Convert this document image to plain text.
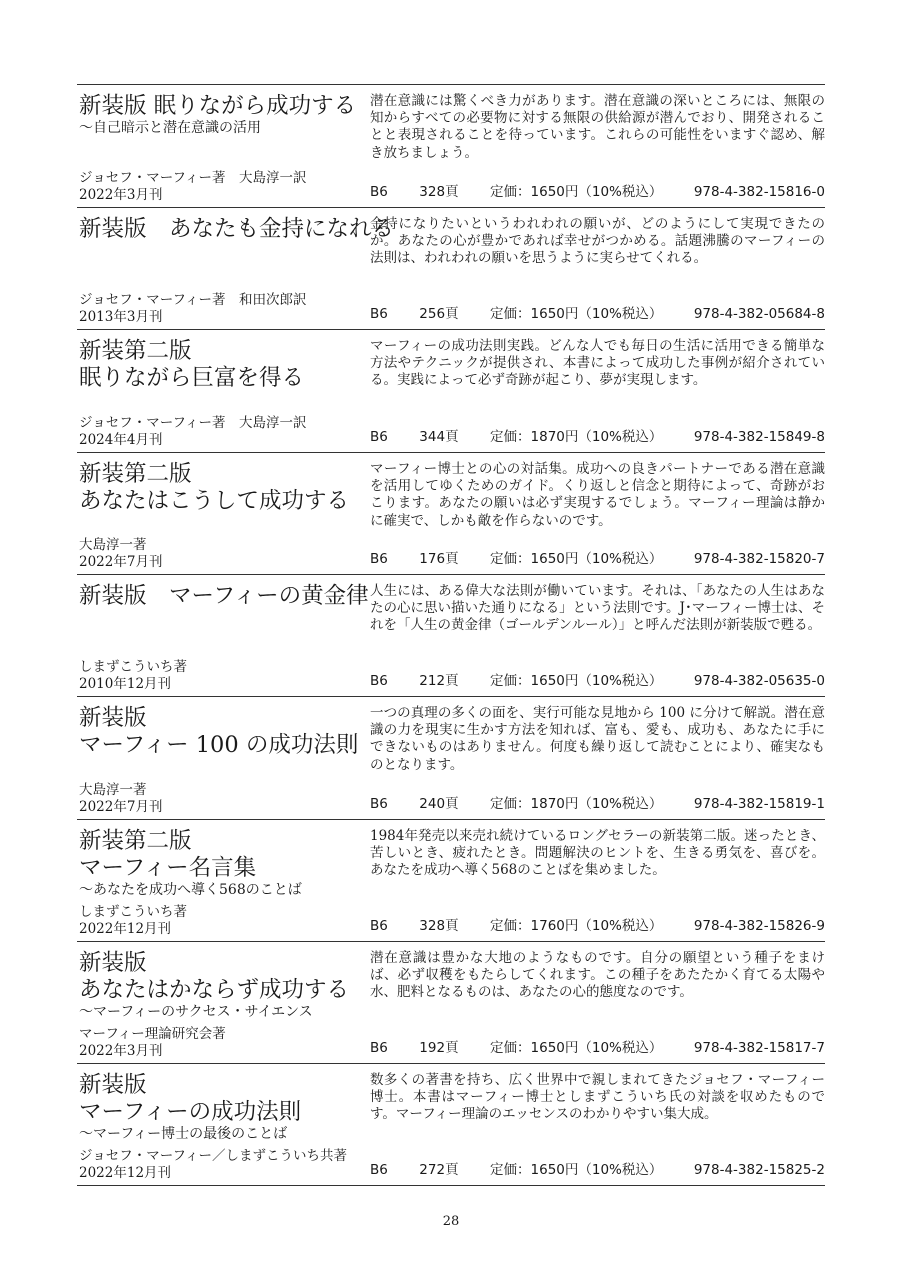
新装版 眠りながら成功する
～自己暗示と潜在意識の活用
ジョセフ・マーフィー著　大島淳一訳
2022年3月刊

潜在意識には驚くべき力があります。潜在意識の深いところには、無限の知からすべての必要物に対する無限の供給源が潜んでおり、開発されることと表現されることを待っています。これらの可能性をいますぐ認め、解き放ちましょう。

B6 328頁 定価：1650円（10%税込） 978-4-382-15816-0
新装版　あなたも金持になれる
ジョセフ・マーフィー著　和田次郎訳
2013年3月刊

金持になりたいというわれわれの願いが、どのようにして実現できたのか。あなたの心が豊かであれば幸せがつかめる。話題沸騰のマーフィーの法則は、われわれの願いを思うように実らせてくれる。

B6 256頁 定価：1650円（10%税込） 978-4-382-05684-8
新装第二版
眠りながら巨富を得る
ジョセフ・マーフィー著　大島淳一訳
2024年4月刊

マーフィーの成功法則実践。どんな人でも毎日の生活に活用できる簡単な方法やテクニックが提供され、本書によって成功した事例が紹介されている。実践によって必ず奇跡が起こり、夢が実現します。

B6 344頁 定価：1870円（10%税込） 978-4-382-15849-8
新装第二版
あなたはこうして成功する
大島淳一著
2022年7月刊

マーフィー博士との心の対話集。成功への良きパートナーである潜在意識を活用してゆくためのガイド。くり返しと信念と期待によって、奇跡がおこります。あなたの願いは必ず実現するでしょう。マーフィー理論は静かに確実で、しかも敵を作らないのです。

B6 176頁 定価：1650円（10%税込） 978-4-382-15820-7
新装版　マーフィーの黄金律
しまずこういち著
2010年12月刊

人生には、ある偉大な法則が働いています。それは、「あなたの人生はあなたの心に思い描いた通りになる」という法則です。J･マーフィー博士は、それを「人生の黄金律（ゴールデンルール）」と呼んだ法則が新装版で甦る。

B6 212頁 定価：1650円（10%税込） 978-4-382-05635-0
新装版
マーフィー 100 の成功法則
大島淳一著
2022年7月刊

一つの真理の多くの面を、実行可能な見地から 100 に分けて解説。潜在意識の力を現実に生かす方法を知れば、富も、愛も、成功も、あなたに手にできないものはありません。何度も繰り返して読むことにより、確実なものとなります。

B6 240頁 定価：1870円（10%税込） 978-4-382-15819-1
新装第二版
マーフィー名言集
～あなたを成功へ導く568のことば
しまずこういち著
2022年12月刊

1984年発売以来売れ続けているロングセラーの新装第二版。迷ったとき、苦しいとき、疲れたとき。問題解決のヒントを、生きる勇気を、喜びを。あなたを成功へ導く568のことばを集めました。

B6 328頁 定価：1760円（10%税込） 978-4-382-15826-9
新装版
あなたはかならず成功する
～マーフィーのサクセス・サイエンス
マーフィー理論研究会著
2022年3月刊

潜在意識は豊かな大地のようなものです。自分の願望という種子をまけば、必ず収穫をもたらしてくれます。この種子をあたたかく育てる太陽や水、肥料となるものは、あなたの心的態度なのです。

B6 192頁 定価：1650円（10%税込） 978-4-382-15817-7
新装版
マーフィーの成功法則
～マーフィー博士の最後のことば
ジョセフ・マーフィー／しまずこういち共著
2022年12月刊

数多くの著書を持ち、広く世界中で親しまれてきたジョセフ・マーフィー博士。本書はマーフィー博士としまずこういち氏の対談を収めたものです。マーフィー理論のエッセンスのわかりやすい集大成。

B6 272頁 定価：1650円（10%税込） 978-4-382-15825-2
28
